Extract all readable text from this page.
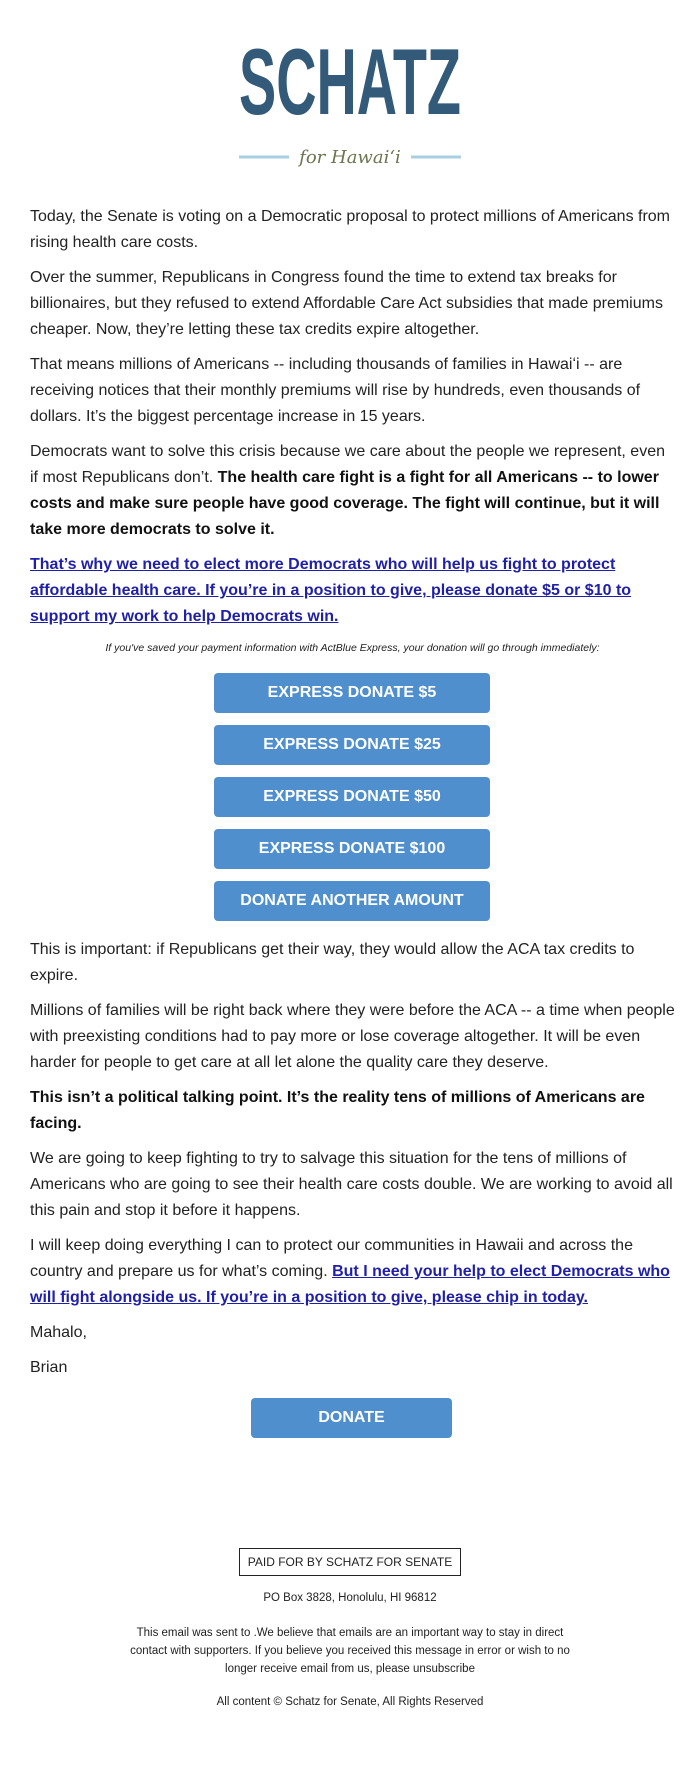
SCHATZ
for Hawaiʻi

Today, the Senate is voting on a Democratic proposal to protect millions of Americans from rising health care costs.

Over the summer, Republicans in Congress found the time to extend tax breaks for billionaires, but they refused to extend Affordable Care Act subsidies that made premiums cheaper. Now, they’re letting these tax credits expire altogether.

That means millions of Americans -- including thousands of families in Hawaiʻi -- are receiving notices that their monthly premiums will rise by hundreds, even thousands of dollars. It’s the biggest percentage increase in 15 years.

Democrats want to solve this crisis because we care about the people we represent, even if most Republicans don’t. The health care fight is a fight for all Americans -- to lower costs and make sure people have good coverage. The fight will continue, but it will take more democrats to solve it.

That’s why we need to elect more Democrats who will help us fight to protect affordable health care. If you’re in a position to give, please donate $5 or $10 to support my work to help Democrats win.

If you've saved your payment information with ActBlue Express, your donation will go through immediately:
EXPRESS DONATE $5
EXPRESS DONATE $25
EXPRESS DONATE $50
EXPRESS DONATE $100
DONATE ANOTHER AMOUNT

This is important: if Republicans get their way, they would allow the ACA tax credits to expire.

Millions of families will be right back where they were before the ACA -- a time when people with preexisting conditions had to pay more or lose coverage altogether. It will be even harder for people to get care at all let alone the quality care they deserve.

This isn’t a political talking point. It’s the reality tens of millions of Americans are facing.

We are going to keep fighting to try to salvage this situation for the tens of millions of Americans who are going to see their health care costs double. We are working to avoid all this pain and stop it before it happens.

I will keep doing everything I can to protect our communities in Hawaii and across the country and prepare us for what’s coming. But I need your help to elect Democrats who will fight alongside us. If you’re in a position to give, please chip in today.

Mahalo,

Brian

DONATE
PAID FOR BY SCHATZ FOR SENATE
PO Box 3828, Honolulu, HI 96812
This email was sent to .We believe that emails are an important way to stay in direct contact with supporters. If you believe you received this message in error or wish to no longer receive email from us, please unsubscribe
All content © Schatz for Senate, All Rights Reserved
